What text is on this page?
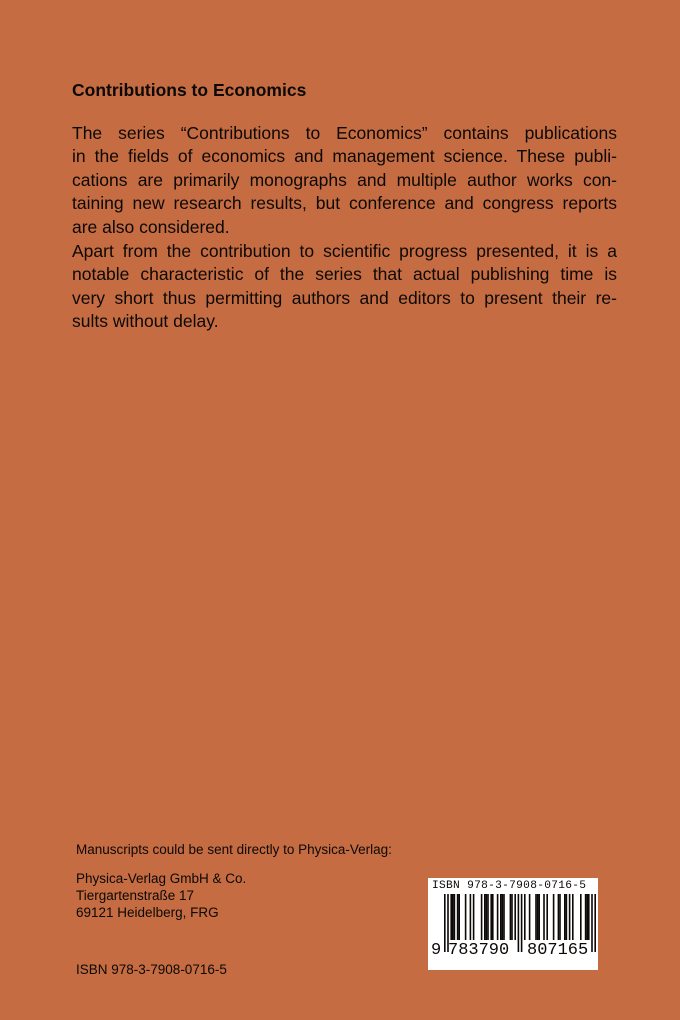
Contributions to Economics
The series “Contributions to Economics” contains publications
in the fields of economics and management science. These publi-
cations are primarily monographs and multiple author works con-
taining new research results, but conference and congress reports
are also considered.
Apart from the contribution to scientific progress presented, it is a
notable characteristic of the series that actual publishing time is
very short thus permitting authors and editors to present their re-
sults without delay.

Manuscripts could be sent directly to Physica-Verlag:

Physica-Verlag GmbH & Co.
Tiergartenstraße 17
69121 Heidelberg, FRG
ISBN 978-3-7908-0716-5
ISBN 978-3-7908-0716-5
9 783790 807165
